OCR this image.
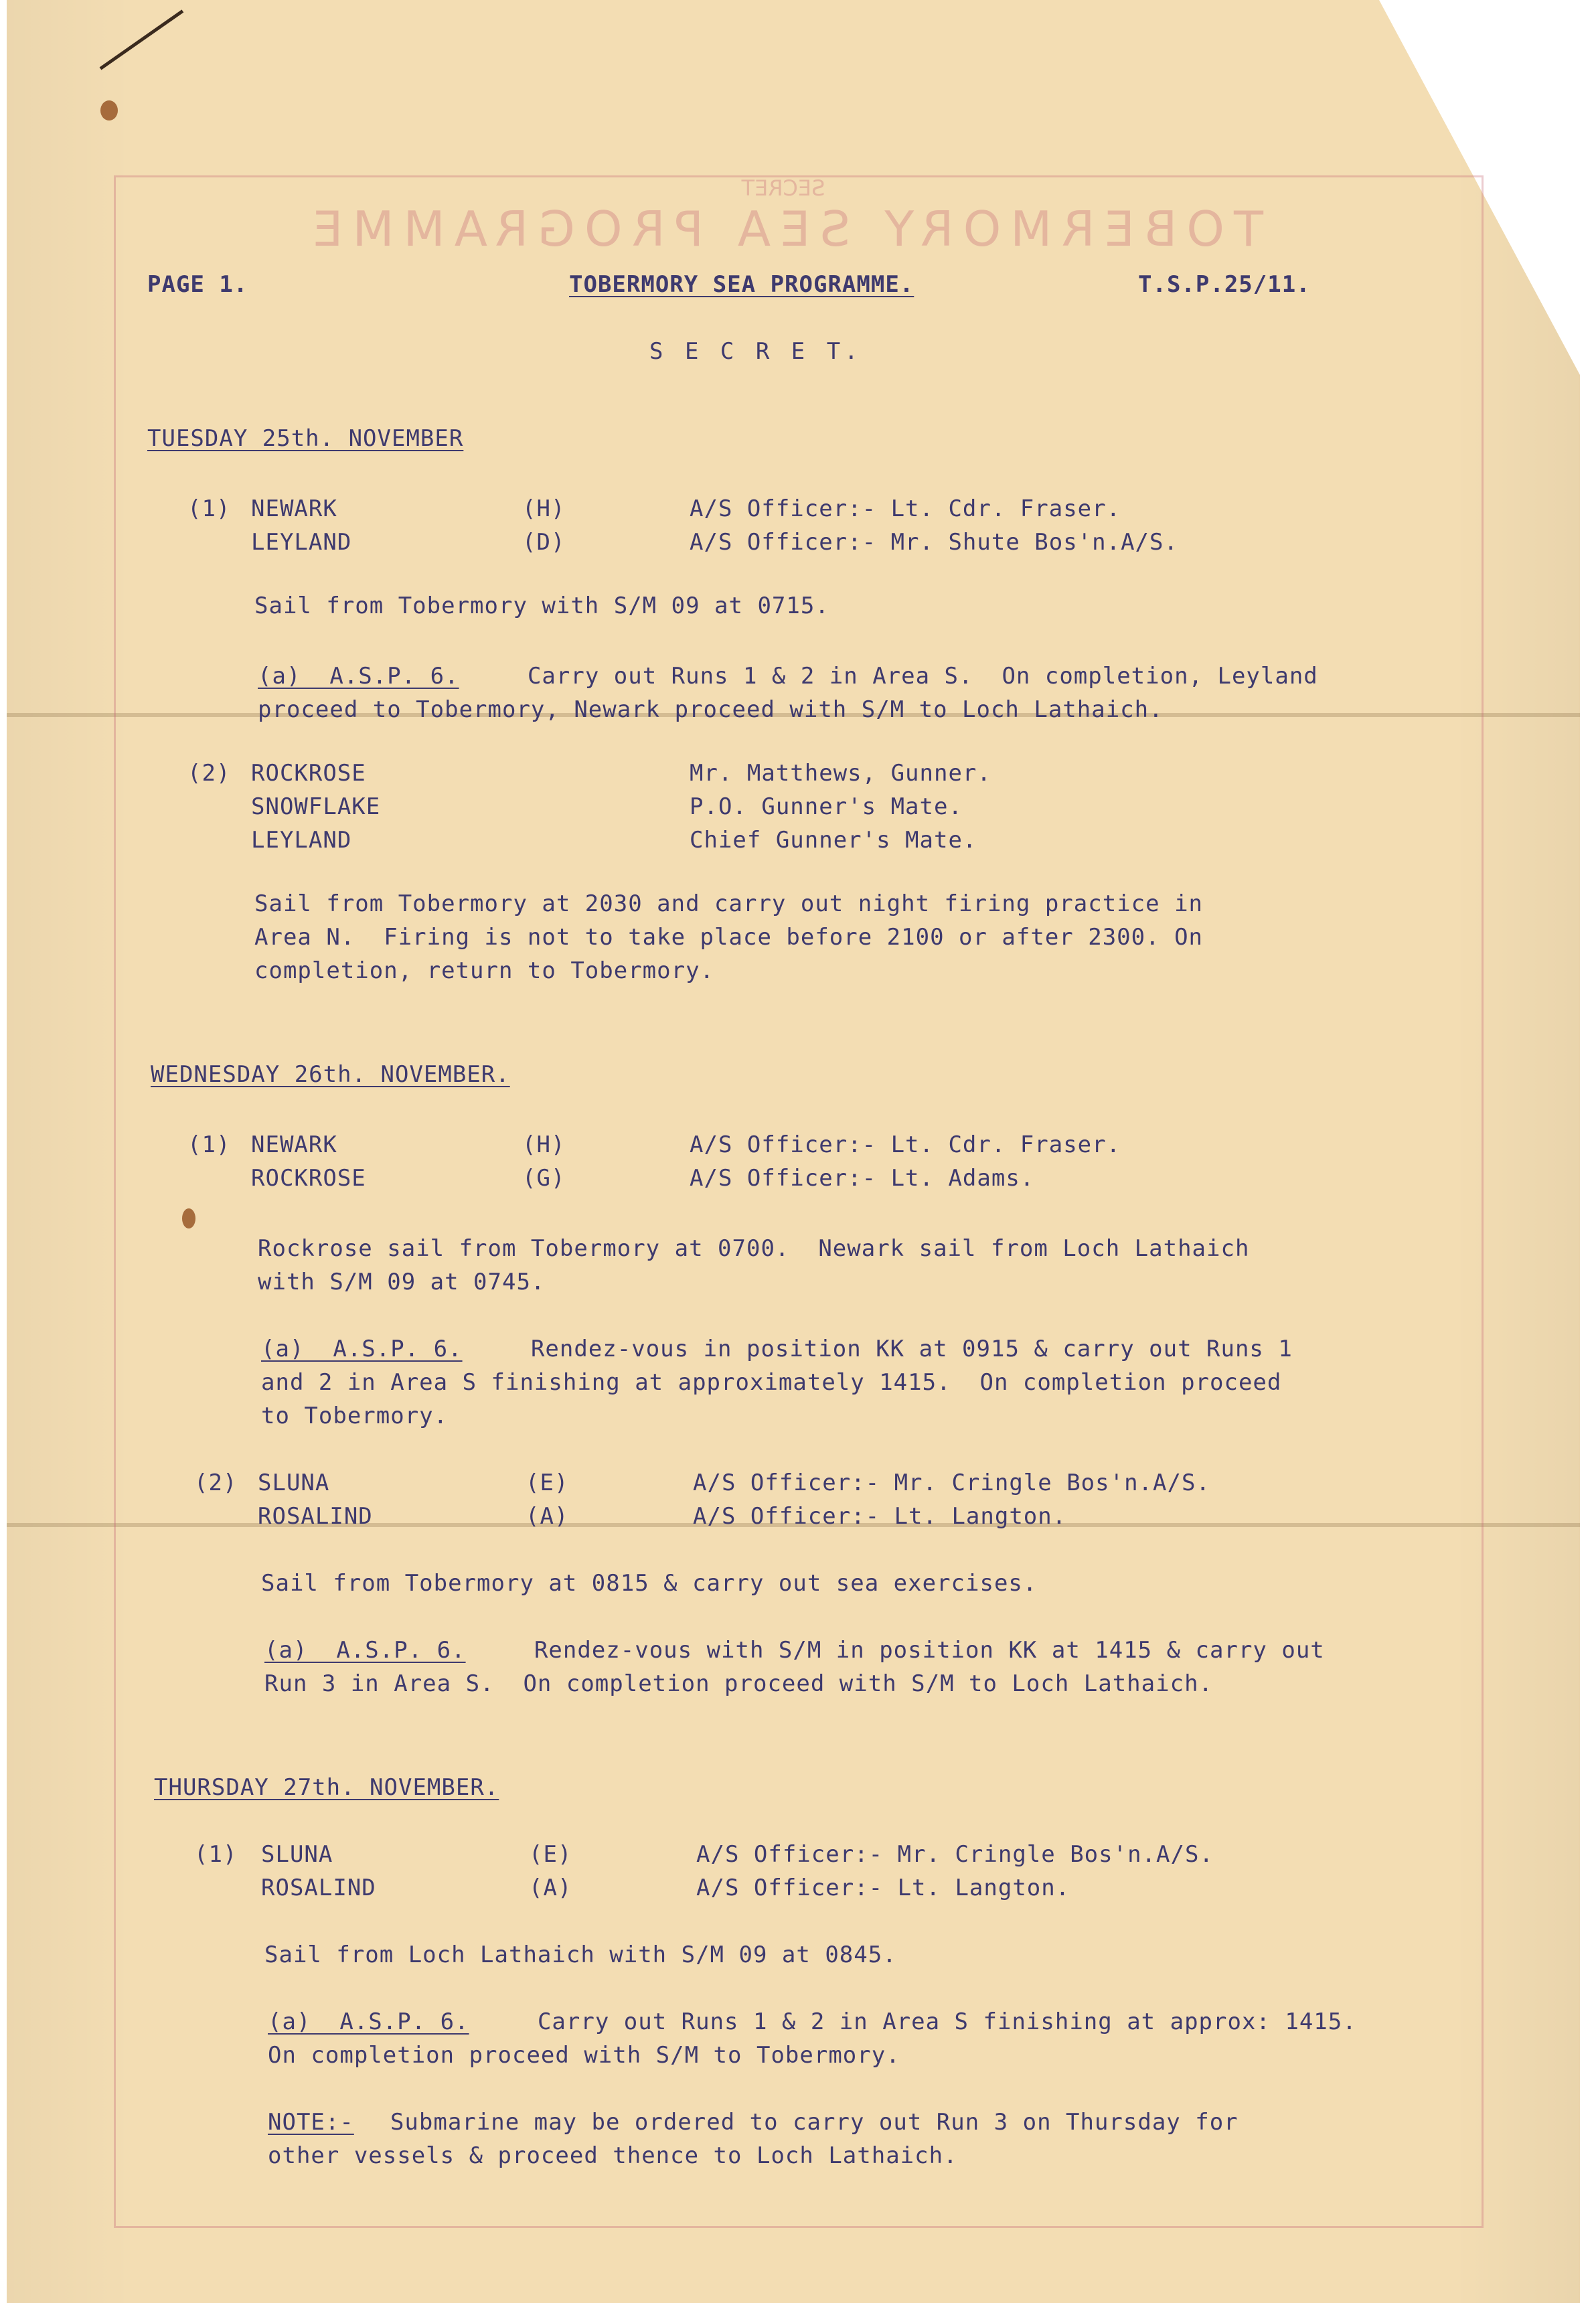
SECRET
TOBERMORY SEA PROGRAMME
PAGE 1.	TOBERMORY SEA PROGRAMME.	T.S.P.25/11.
S E C R E T.
TUESDAY 25th. NOVEMBER
(1) NEWARK	(H)	A/S Officer:- Lt. Cdr. Fraser.
LEYLAND	(D)	A/S Officer:- Mr. Shute Bos'n.A/S.
Sail from Tobermory with S/M 09 at 0715.
(a)  A.S.P. 6. Carry out Runs 1 & 2 in Area S.  On completion, Leyland
proceed to Tobermory, Newark proceed with S/M to Loch Lathaich.
(2) ROCKROSE	Mr. Matthews, Gunner.
SNOWFLAKE	P.O. Gunner's Mate.
LEYLAND	Chief Gunner's Mate.
Sail from Tobermory at 2030 and carry out night firing practice in
Area N.  Firing is not to take place before 2100 or after 2300. On
completion, return to Tobermory.
WEDNESDAY 26th. NOVEMBER.
(1) NEWARK	(H)	A/S Officer:- Lt. Cdr. Fraser.
ROCKROSE	(G)	A/S Officer:- Lt. Adams.
Rockrose sail from Tobermory at 0700.  Newark sail from Loch Lathaich
with S/M 09 at 0745.
(a)  A.S.P. 6. Rendez-vous in position KK at 0915 & carry out Runs 1
and 2 in Area S finishing at approximately 1415.  On completion proceed
to Tobermory.
(2) SLUNA	(E)	A/S Officer:- Mr. Cringle Bos'n.A/S.
ROSALIND	(A)	A/S Officer:- Lt. Langton.
Sail from Tobermory at 0815 & carry out sea exercises.
(a)  A.S.P. 6. Rendez-vous with S/M in position KK at 1415 & carry out
Run 3 in Area S.  On completion proceed with S/M to Loch Lathaich.
THURSDAY 27th. NOVEMBER.
(1) SLUNA	(E)	A/S Officer:- Mr. Cringle Bos'n.A/S.
ROSALIND	(A)	A/S Officer:- Lt. Langton.
Sail from Loch Lathaich with S/M 09 at 0845.
(a)  A.S.P. 6. Carry out Runs 1 & 2 in Area S finishing at approx: 1415.
On completion proceed with S/M to Tobermory.
NOTE:- Submarine may be ordered to carry out Run 3 on Thursday for
other vessels & proceed thence to Loch Lathaich.
